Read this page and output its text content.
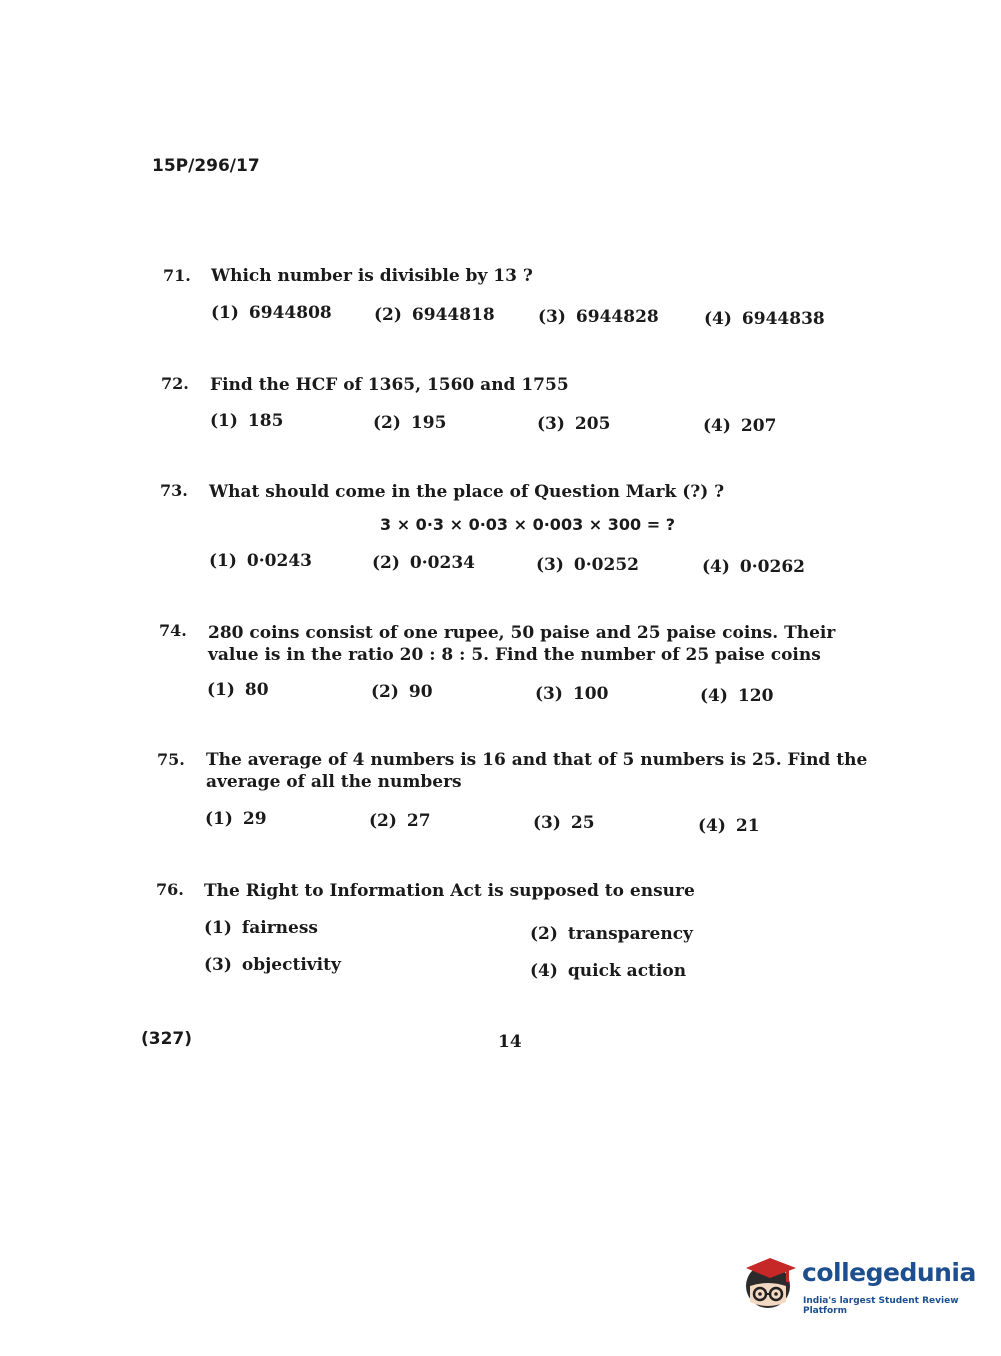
15P/296/17
71. Which number is divisible by 13 ?
(1) 6944808 (2) 6944818	(3) 6944828	(4) 6944838
72. Find the HCF of 1365, 1560 and 1755
(1) 185	(2) 195	(3) 205	(4) 207
73. What should come in the place of Question Mark (?) ?
3 × 0·3 × 0·03 × 0·003 × 300 = ?
(1) 0·0243	(2) 0·0234	(3) 0·0252	(4) 0·0262
74. 280 coins consist of one rupee, 50 paise and 25 paise coins. Their value is in the ratio 20 : 8 : 5. Find the number of 25 paise coins
(1) 80	(2) 90	(3) 100	(4) 120
75. The average of 4 numbers is 16 and that of 5 numbers is 25. Find the average of all the numbers
(1) 29	(2) 27	(3) 25	(4) 21
76. The Right to Information Act is supposed to ensure
(1) fairness	(2) transparency
(3) objectivity	(4) quick action
(327)	14
collegedunia
India's largest Student Review Platform
